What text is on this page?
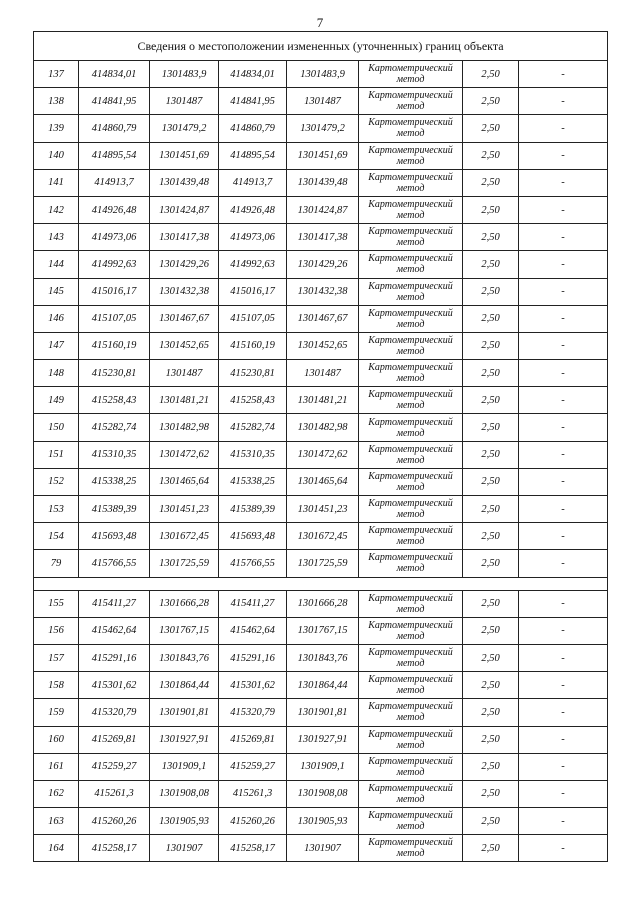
7
Сведения о местоположении измененных (уточненных) границ объекта							
137	414834,01	1301483,9	414834,01	1301483,9	Картометрический метод	2,50	-
138	414841,95	1301487	414841,95	1301487	Картометрический метод	2,50	-
139	414860,79	1301479,2	414860,79	1301479,2	Картометрический метод	2,50	-
140	414895,54	1301451,69	414895,54	1301451,69	Картометрический метод	2,50	-
141	414913,7	1301439,48	414913,7	1301439,48	Картометрический метод	2,50	-
142	414926,48	1301424,87	414926,48	1301424,87	Картометрический метод	2,50	-
143	414973,06	1301417,38	414973,06	1301417,38	Картометрический метод	2,50	-
144	414992,63	1301429,26	414992,63	1301429,26	Картометрический метод	2,50	-
145	415016,17	1301432,38	415016,17	1301432,38	Картометрический метод	2,50	-
146	415107,05	1301467,67	415107,05	1301467,67	Картометрический метод	2,50	-
147	415160,19	1301452,65	415160,19	1301452,65	Картометрический метод	2,50	-
148	415230,81	1301487	415230,81	1301487	Картометрический метод	2,50	-
149	415258,43	1301481,21	415258,43	1301481,21	Картометрический метод	2,50	-
150	415282,74	1301482,98	415282,74	1301482,98	Картометрический метод	2,50	-
151	415310,35	1301472,62	415310,35	1301472,62	Картометрический метод	2,50	-
152	415338,25	1301465,64	415338,25	1301465,64	Картометрический метод	2,50	-
153	415389,39	1301451,23	415389,39	1301451,23	Картометрический метод	2,50	-
154	415693,48	1301672,45	415693,48	1301672,45	Картометрический метод	2,50	-
79	415766,55	1301725,59	415766,55	1301725,59	Картометрический метод	2,50	-

155	415411,27	1301666,28	415411,27	1301666,28	Картометрический метод	2,50	-
156	415462,64	1301767,15	415462,64	1301767,15	Картометрический метод	2,50	-
157	415291,16	1301843,76	415291,16	1301843,76	Картометрический метод	2,50	-
158	415301,62	1301864,44	415301,62	1301864,44	Картометрический метод	2,50	-
159	415320,79	1301901,81	415320,79	1301901,81	Картометрический метод	2,50	-
160	415269,81	1301927,91	415269,81	1301927,91	Картометрический метод	2,50	-
161	415259,27	1301909,1	415259,27	1301909,1	Картометрический метод	2,50	-
162	415261,3	1301908,08	415261,3	1301908,08	Картометрический метод	2,50	-
163	415260,26	1301905,93	415260,26	1301905,93	Картометрический метод	2,50	-
164	415258,17	1301907	415258,17	1301907	Картометрический метод	2,50	-
